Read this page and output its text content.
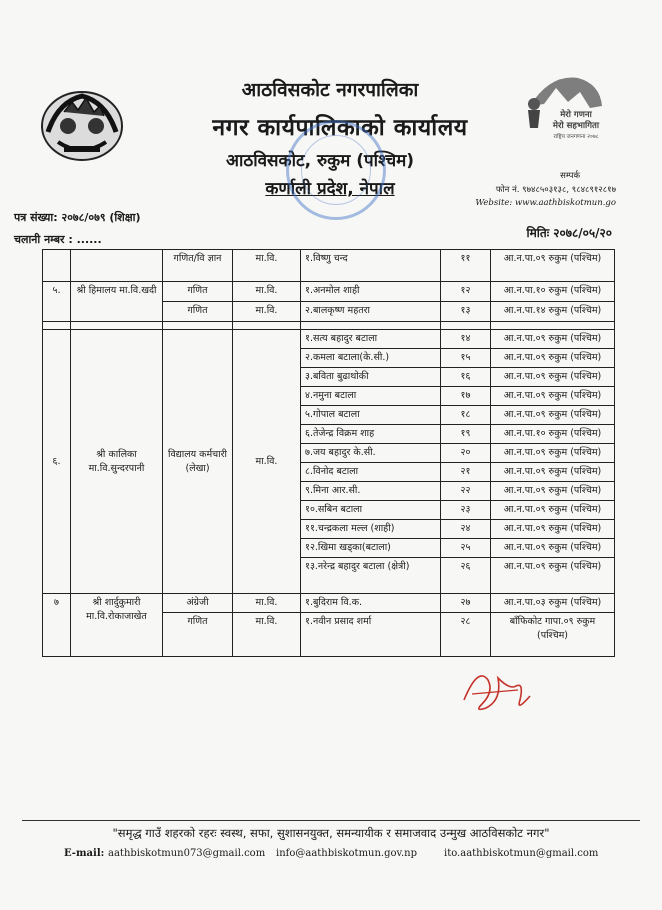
मेरो गणना
मेरो सहभागिता
राष्ट्रिय जनगणना २०७८
आठविसकोट नगरपालिका
नगर कार्यपालिकाको कार्यालय
आठविसकोट, रुकुम (पश्चिम)
कर्णाली प्रदेश, नेपाल
सम्पर्क
फोन नं. ९७४८५०३१३८, ९८४८९१२८१७
Website: www.aathbiskotmun.go
पत्र संख्या: २०७८/०७९ (शिक्षा)
चलानी नम्बर : ......	मितिः २०७८/०५/२०
		गणित/वि ज्ञान	मा.वि.	१.विष्णु चन्द	११	आ.न.पा.०९ रुकुम (पश्चिम)
५.	श्री हिमालय मा.वि.खदी	गणित	मा.वि.	१.अनमोल शाही	१२	आ.न.पा.१० रुकुम (पश्चिम)
		गणित	मा.वि.	२.बालकृष्ण महतरा	१३	आ.न.पा.१४ रुकुम (पश्चिम)

६.	श्री कालिका मा.वि.सुन्दरपानी	विद्यालय कर्मचारी (लेखा)	मा.वि.	१.सत्य बहादुर बटाला	१४	आ.न.पा.०९ रुकुम (पश्चिम)
				२.कमला बटाला(के.सी.)	१५	आ.न.पा.०९ रुकुम (पश्चिम)
				३.बविता बुढाथोकी	१६	आ.न.पा.०९ रुकुम (पश्चिम)
				४.नमुना बटाला	१७	आ.न.पा.०९ रुकुम (पश्चिम)
				५.गोपाल बटाला	१८	आ.न.पा.०९ रुकुम (पश्चिम)
				६.तेजेन्द्र विक्रम शाह	१९	आ.न.पा.१० रुकुम (पश्चिम)
				७.जय बहादुर के.सी.	२०	आ.न.पा.०९ रुकुम (पश्चिम)
				८.विनोद बटाला	२१	आ.न.पा.०९ रुकुम (पश्चिम)
				९.मिना आर.सी.	२२	आ.न.पा.०९ रुकुम (पश्चिम)
				१०.सबिन बटाला	२३	आ.न.पा.०९ रुकुम (पश्चिम)
				११.चन्द्रकला मल्ल (शाही)	२४	आ.न.पा.०९ रुकुम (पश्चिम)
				१२.खिमा खड्का(बटाला)	२५	आ.न.पा.०९ रुकुम (पश्चिम)
				१३.नरेन्द्र बहादुर बटाला (क्षेत्री)	२६	आ.न.पा.०९ रुकुम (पश्चिम)
७	श्री शार्दुकुमारी मा.वि.रोकाजाखेत	अंग्रेजी	मा.वि.	१.बुदिराम वि.क.	२७	आ.न.पा.०३ रुकुम (पश्चिम)
		गणित	मा.वि.	१.नवीन प्रसाद शर्मा	२८	बाँफिकोट गापा.०९ रुकुम (पश्चिम)
"समृद्ध गाउँ शहरको रहरः स्वस्थ, सफा, सुशासनयुक्त, समन्यायीक र समाजवाद उन्मुख आठविसकोट नगर"
E-mail: aathbiskotmun073@gmail.com info@aathbiskotmun.gov.np	ito.aathbiskotmun@gmail.com
